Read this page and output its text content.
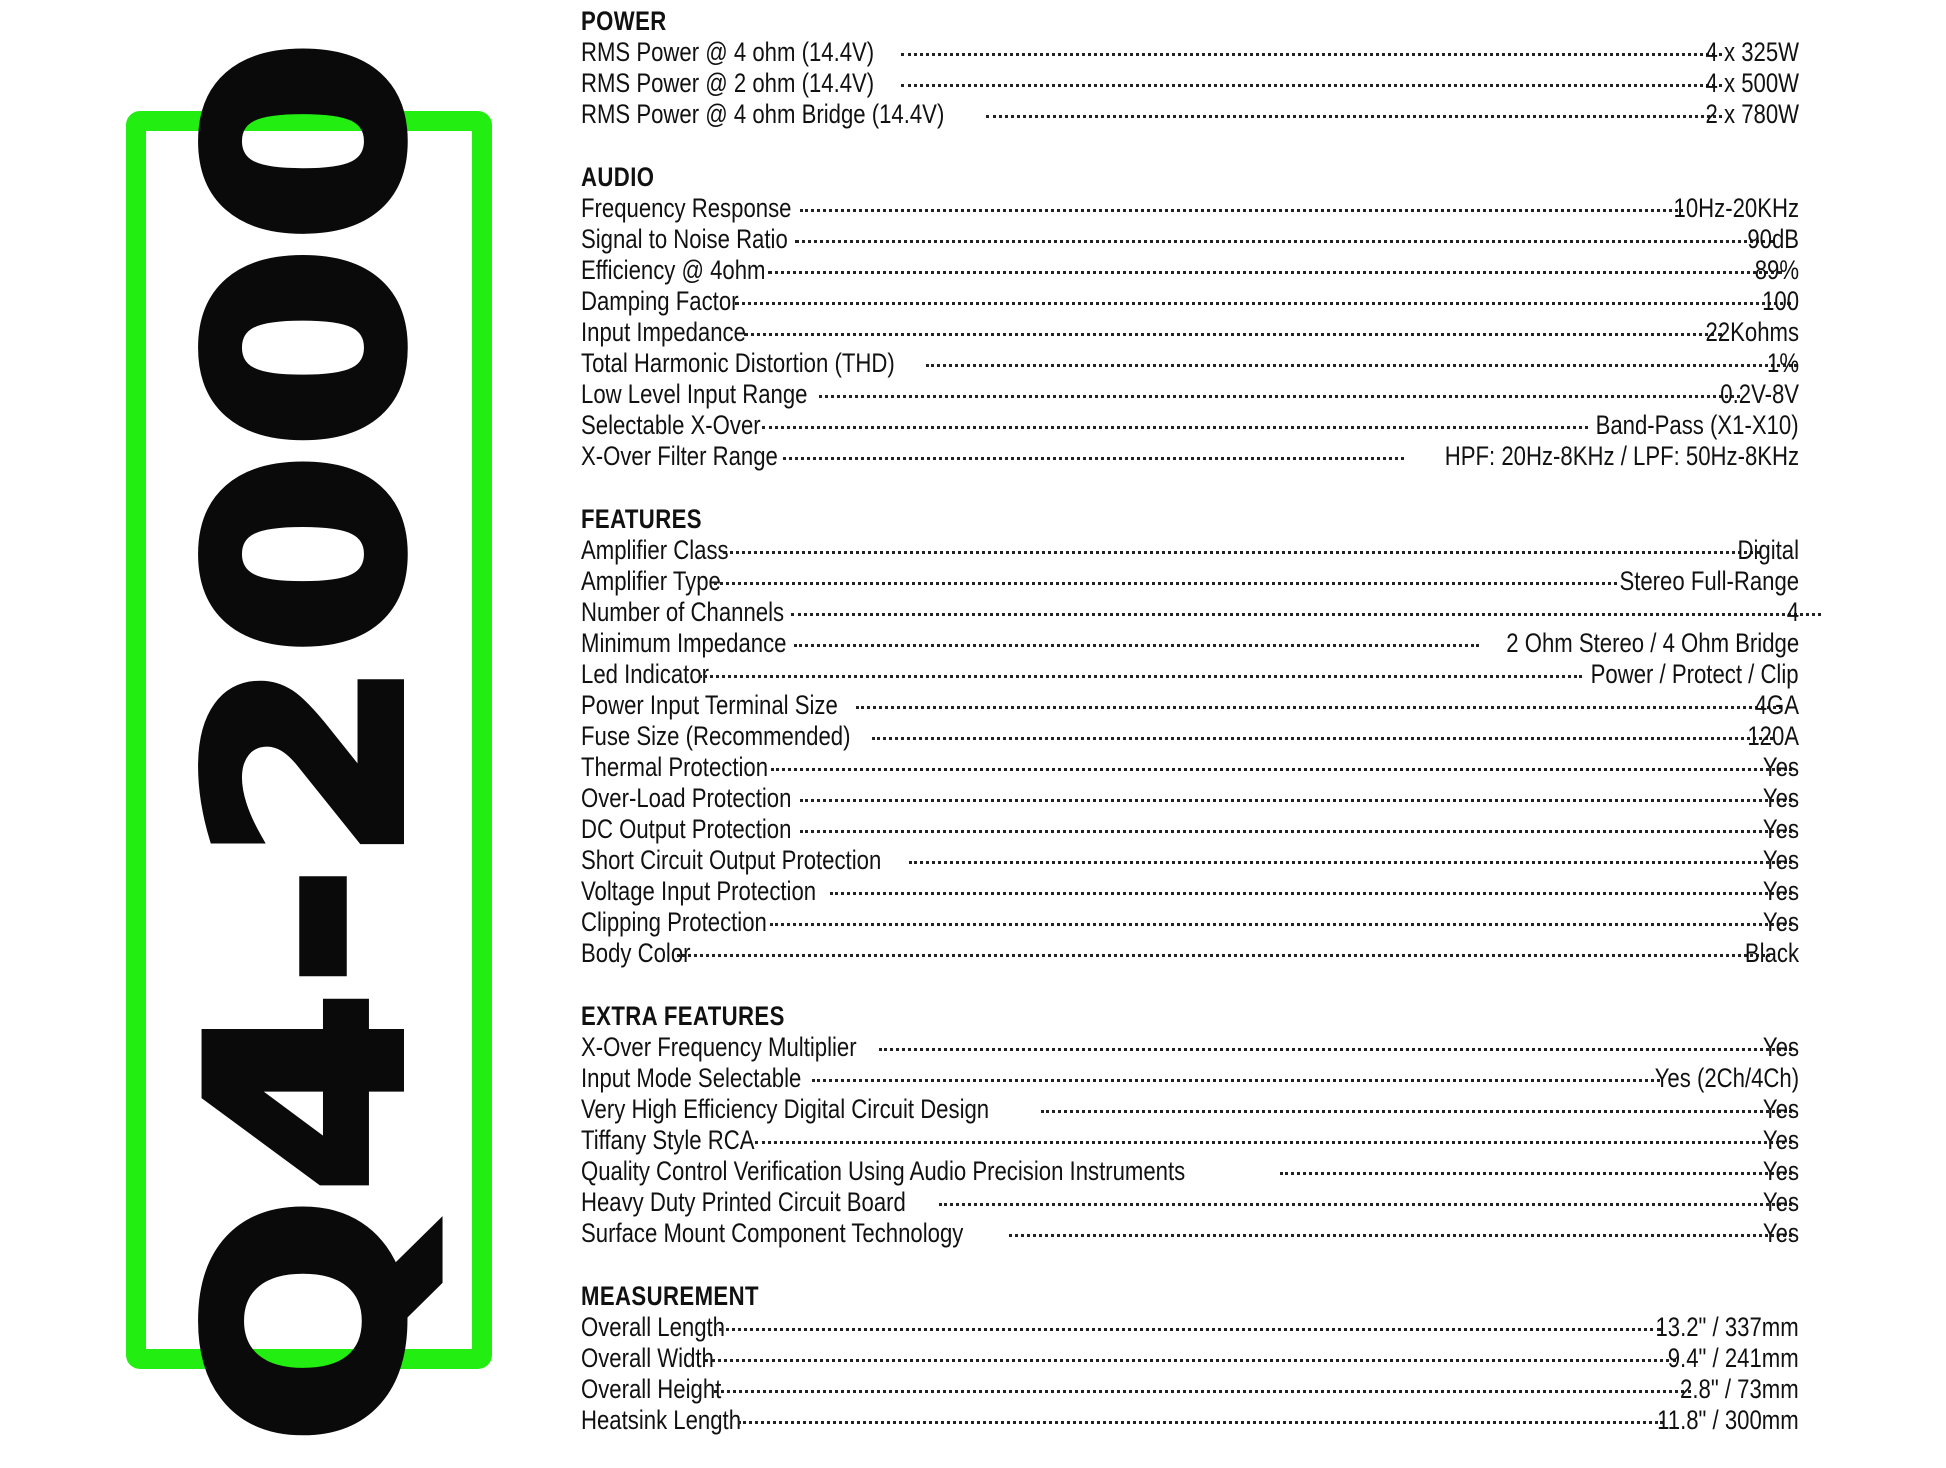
Q4-2000
POWER
RMS Power @ 4 ohm (14.4V)	4 x 325W
RMS Power @ 2 ohm (14.4V)	4 x 500W
RMS Power @ 4 ohm Bridge (14.4V)	2 x 780W
AUDIO
Frequency Response	10Hz-20KHz
Signal to Noise Ratio	90dB
Efficiency @ 4ohm	89%
Damping Factor	100
Input Impedance	22Kohms
Total Harmonic Distortion (THD)	1%
Low Level Input Range	0.2V-8V
Selectable X-Over	Band-Pass (X1-X10)
X-Over Filter Range	HPF: 20Hz-8KHz / LPF: 50Hz-8KHz
FEATURES
Amplifier Class	Digital
Amplifier Type	Stereo Full-Range
Number of Channels	4
Minimum Impedance	2 Ohm Stereo / 4 Ohm Bridge
Led Indicator	Power / Protect / Clip
Power Input Terminal Size	4GA
Fuse Size (Recommended)	120A
Thermal Protection	Yes
Over-Load Protection	Yes
DC Output Protection	Yes
Short Circuit Output Protection	Yes
Voltage Input Protection	Yes
Clipping Protection	Yes
Body Color	Black
EXTRA FEATURES
X-Over Frequency Multiplier	Yes
Input Mode Selectable	Yes (2Ch/4Ch)
Very High Efficiency Digital Circuit Design	Yes
Tiffany Style RCA	Yes
Quality Control Verification Using Audio Precision Instruments	Yes
Heavy Duty Printed Circuit Board	Yes
Surface Mount Component Technology	Yes
MEASUREMENT
Overall Length	13.2" / 337mm
Overall Width	9.4" / 241mm
Overall Height	2.8" / 73mm
Heatsink Length	11.8" / 300mm
